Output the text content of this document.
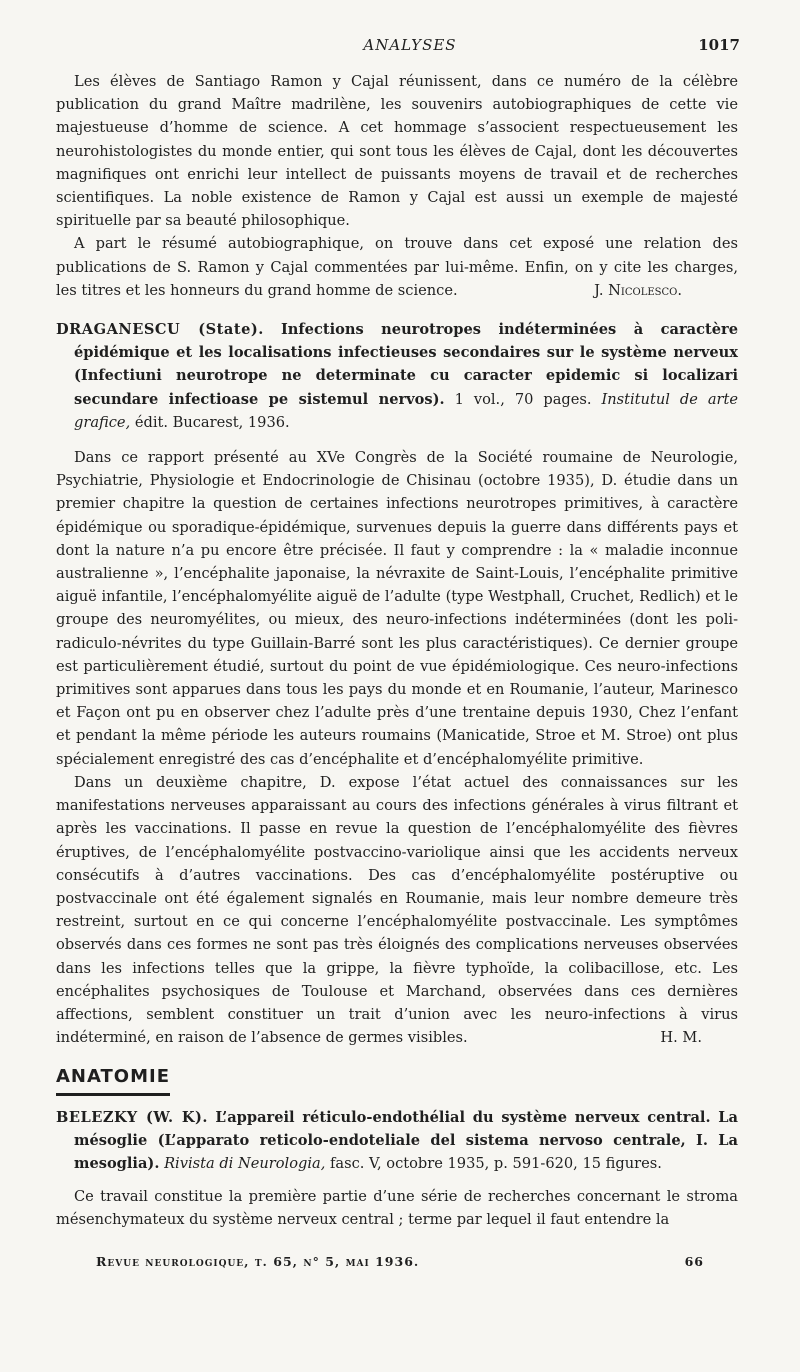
ANALYSES	1017

Les élèves de Santiago Ramon y Cajal réunissent, dans ce numéro de la célèbre publication du grand Maître madrilène, les souvenirs autobiographiques de cette vie majestueuse d’homme de science. A cet hommage s’associent respectueusement les neurohistologistes du monde entier, qui sont tous les élèves de Cajal, dont les découvertes magnifiques ont enrichi leur intellect de puissants moyens de travail et de recherches scientifiques. La noble existence de Ramon y Cajal est aussi un exemple de majesté spirituelle par sa beauté philosophique.

A part le résumé autobiographique, on trouve dans cet exposé une relation des publications de S. Ramon y Cajal commentées par lui-même. Enfin, on y cite les charges, les titres et les honneurs du grand homme de science.	J. Nicolesco.

DRAGANESCU (State). Infections neurotropes indéterminées à caractère épidémique et les localisations infectieuses secondaires sur le système nerveux (Infectiuni neurotrope ne determinate cu caracter epidemic si localizari secundare infectioase pe sistemul nervos). 1 vol., 70 pages. Institutul de arte grafice, édit. Bucarest, 1936.

Dans ce rapport présenté au XVe Congrès de la Société roumaine de Neurologie, Psychiatrie, Physiologie et Endocrinologie de Chisinau (octobre 1935), D. étudie dans un premier chapitre la question de certaines infections neurotropes primitives, à caractère épidémique ou sporadique-épidémique, survenues depuis la guerre dans différents pays et dont la nature n’a pu encore être précisée. Il faut y comprendre : la « maladie inconnue australienne », l’encéphalite japonaise, la névraxite de Saint-Louis, l’encéphalite primitive aiguë infantile, l’encéphalomyélite aiguë de l’adulte (type Westphall, Cruchet, Redlich) et le groupe des neuromyélites, ou mieux, des neuro-infections indéterminées (dont les poli-radiculo-névrites du type Guillain-Barré sont les plus caractéristiques). Ce dernier groupe est particulièrement étudié, surtout du point de vue épidémiologique. Ces neuro-infections primitives sont apparues dans tous les pays du monde et en Roumanie, l’auteur, Marinesco et Façon ont pu en observer chez l’adulte près d’une trentaine depuis 1930, Chez l’enfant et pendant la même période les auteurs roumains (Manicatide, Stroe et M. Stroe) ont plus spécialement enregistré des cas d’encéphalite et d’encéphalomyélite primitive.

Dans un deuxième chapitre, D. expose l’état actuel des connaissances sur les manifestations nerveuses apparaissant au cours des infections générales à virus filtrant et après les vaccinations. Il passe en revue la question de l’encéphalomyélite des fièvres éruptives, de l’encéphalomyélite postvaccino-variolique ainsi que les accidents nerveux consécutifs à d’autres vaccinations. Des cas d’encéphalomyélite postéruptive ou postvaccinale ont été également signalés en Roumanie, mais leur nombre demeure très restreint, surtout en ce qui concerne l’encéphalomyélite postvaccinale. Les symptômes observés dans ces formes ne sont pas très éloignés des complications nerveuses observées dans les infections telles que la grippe, la fièvre typhoïde, la colibacillose, etc. Les encéphalites psychosiques de Toulouse et Marchand, observées dans ces dernières affections, semblent constituer un trait d’union avec les neuro-infections à virus indéterminé, en raison de l’absence de germes visibles.	H. M.

ANATOMIE
BELEZKY (W. K). L’appareil réticulo-endothélial du système nerveux central. La mésoglie (L’apparato reticolo-endoteliale del sistema nervoso centrale, I. La mesoglia). Rivista di Neurologia, fasc. V, octobre 1935, p. 591-620, 15 figures.

Ce travail constitue la première partie d’une série de recherches concernant le stroma mésenchymateux du système nerveux central ; terme par lequel il faut entendre la

Revue neurologique, t. 65, n° 5, mai 1936.	66
